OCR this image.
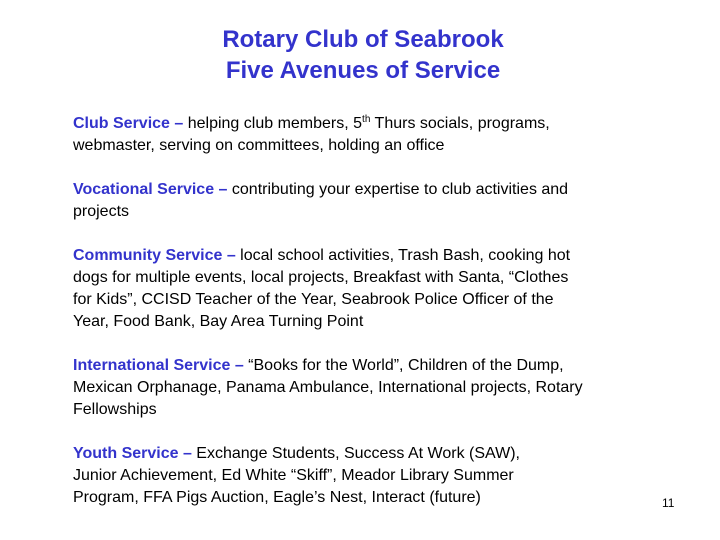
Rotary Club of Seabrook
Five Avenues of Service

Club Service – helping club members, 5th Thurs socials, programs,
webmaster, serving on committees, holding an office

Vocational Service – contributing your expertise to club activities and
projects

Community Service – local school activities, Trash Bash, cooking hot
dogs for multiple events, local projects, Breakfast with Santa, “Clothes
for Kids”, CCISD Teacher of the Year, Seabrook Police Officer of the
Year, Food Bank, Bay Area Turning Point

International Service – “Books for the World”, Children of the Dump,
Mexican Orphanage, Panama Ambulance, International projects, Rotary
Fellowships

Youth Service – Exchange Students, Success At Work (SAW),
Junior Achievement, Ed White “Skiff”, Meador Library Summer
Program, FFA Pigs Auction, Eagle’s Nest, Interact (future)	11
